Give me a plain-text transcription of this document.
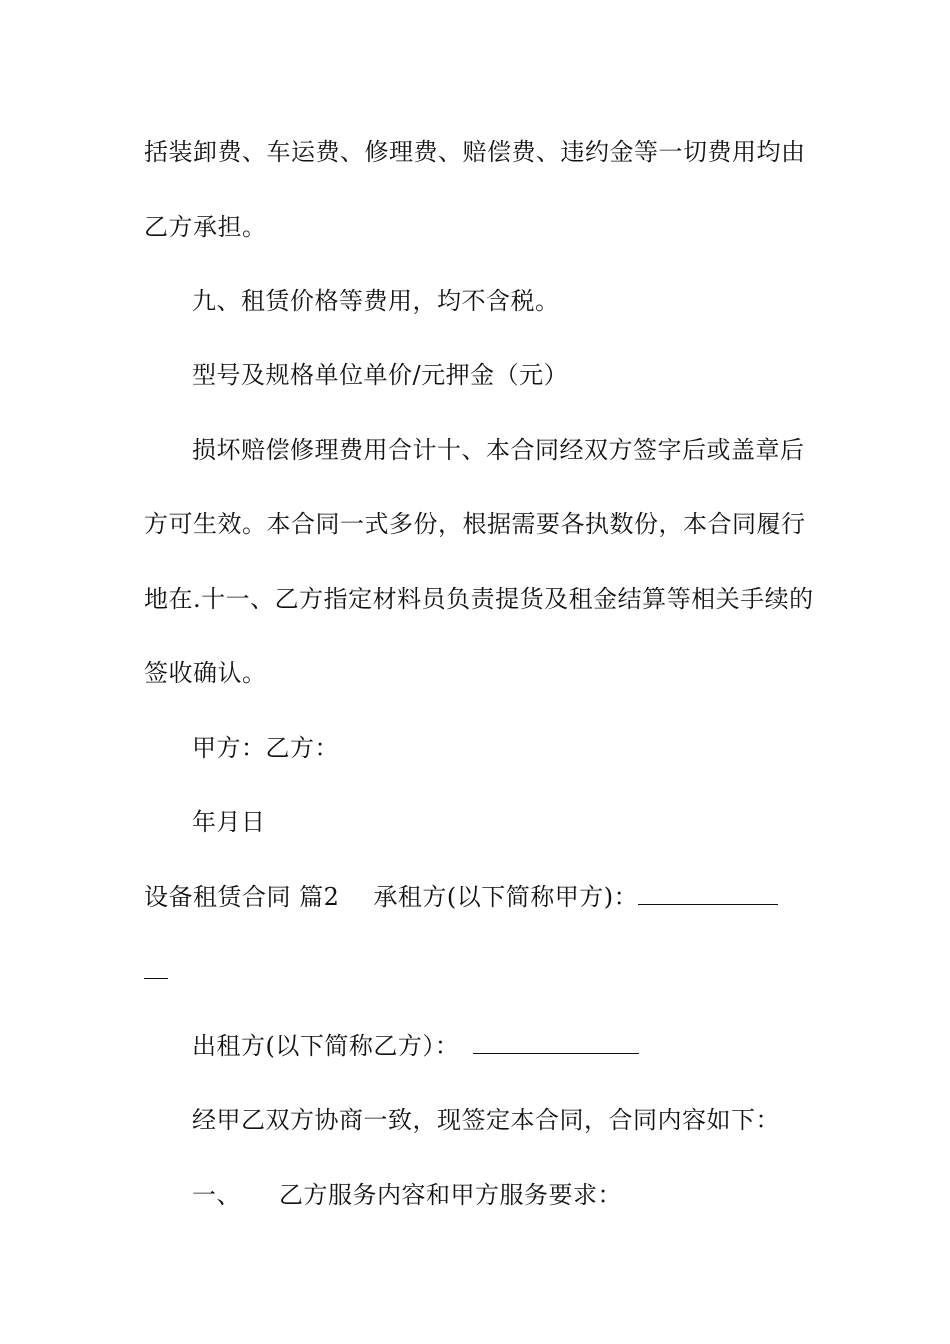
括装卸费、车运费、修理费、赔偿费、违约金等一切费用均由
乙方承担。
九、租赁价格等费用，均不含税。
型号及规格单位单价/元押金（元）
损坏赔偿修理费用合计十、本合同经双方签字后或盖章后
方可生效。本合同一式多份，根据需要各执数份，本合同履行
地在.十一、乙方指定材料员负责提货及租金结算等相关手续的
签收确认。
甲方：乙方：
年月日
设备租赁合同 篇2 承租方(以下简称甲方)：
出租方(以下简称乙方）：
经甲乙双方协商一致，现签定本合同，合同内容如下：
一、 乙方服务内容和甲方服务要求：
